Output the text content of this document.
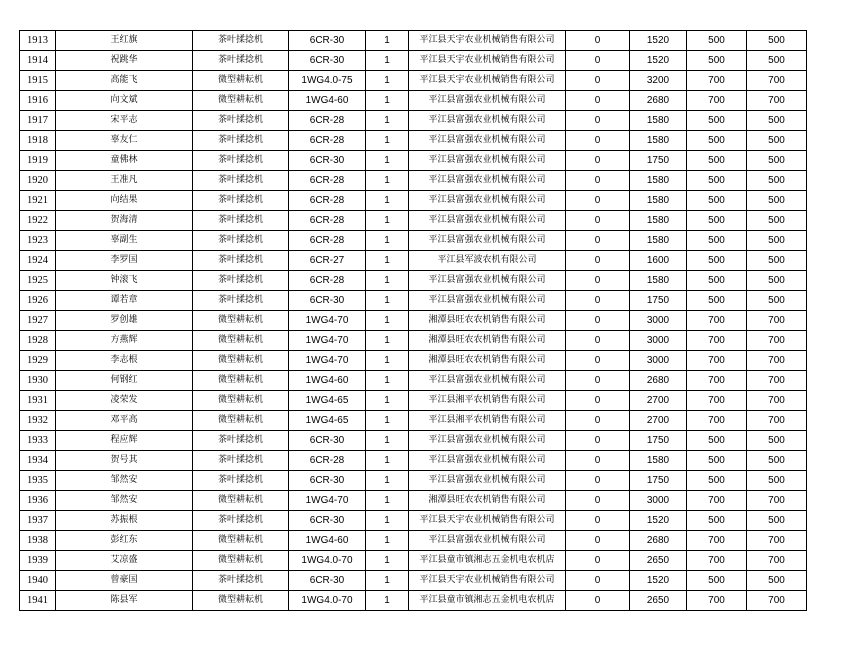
1913	王红旗	茶叶揉捻机	6CR-30	1	平江县天宇农业机械销售有限公司	0	1520	500	500
1914	祝跳华	茶叶揉捻机	6CR-30	1	平江县天宇农业机械销售有限公司	0	1520	500	500
1915	高能飞	微型耕耘机	1WG4.0-75	1	平江县天宇农业机械销售有限公司	0	3200	700	700
1916	向文斌	微型耕耘机	1WG4-60	1	平江县富强农业机械有限公司	0	2680	700	700
1917	宋平志	茶叶揉捻机	6CR-28	1	平江县富强农业机械有限公司	0	1580	500	500
1918	辜友仁	茶叶揉捻机	6CR-28	1	平江县富强农业机械有限公司	0	1580	500	500
1919	童佛林	茶叶揉捻机	6CR-30	1	平江县富强农业机械有限公司	0	1750	500	500
1920	王准凡	茶叶揉捻机	6CR-28	1	平江县富强农业机械有限公司	0	1580	500	500
1921	向结果	茶叶揉捻机	6CR-28	1	平江县富强农业机械有限公司	0	1580	500	500
1922	贺海清	茶叶揉捻机	6CR-28	1	平江县富强农业机械有限公司	0	1580	500	500
1923	辜副生	茶叶揉捻机	6CR-28	1	平江县富强农业机械有限公司	0	1580	500	500
1924	李罗国	茶叶揉捻机	6CR-27	1	平江县军波农机有限公司	0	1600	500	500
1925	钟滚飞	茶叶揉捻机	6CR-28	1	平江县富强农业机械有限公司	0	1580	500	500
1926	谭若章	茶叶揉捻机	6CR-30	1	平江县富强农业机械有限公司	0	1750	500	500
1927	罗创雄	微型耕耘机	1WG4-70	1	湘潭县旺农农机销售有限公司	0	3000	700	700
1928	方燕辉	微型耕耘机	1WG4-70	1	湘潭县旺农农机销售有限公司	0	3000	700	700
1929	李志根	微型耕耘机	1WG4-70	1	湘潭县旺农农机销售有限公司	0	3000	700	700
1930	何钢红	微型耕耘机	1WG4-60	1	平江县富强农业机械有限公司	0	2680	700	700
1931	凌荣发	微型耕耘机	1WG4-65	1	平江县湘平农机销售有限公司	0	2700	700	700
1932	邓平高	微型耕耘机	1WG4-65	1	平江县湘平农机销售有限公司	0	2700	700	700
1933	程应辉	茶叶揉捻机	6CR-30	1	平江县富强农业机械有限公司	0	1750	500	500
1934	贺号其	茶叶揉捻机	6CR-28	1	平江县富强农业机械有限公司	0	1580	500	500
1935	邹然安	茶叶揉捻机	6CR-30	1	平江县富强农业机械有限公司	0	1750	500	500
1936	邹然安	微型耕耘机	1WG4-70	1	湘潭县旺农农机销售有限公司	0	3000	700	700
1937	苏振根	茶叶揉捻机	6CR-30	1	平江县天宇农业机械销售有限公司	0	1520	500	500
1938	彭红东	微型耕耘机	1WG4-60	1	平江县富强农业机械有限公司	0	2680	700	700
1939	艾凉盛	微型耕耘机	1WG4.0-70	1	平江县童市镇湘志五金机电农机店	0	2650	700	700
1940	曾豪国	茶叶揉捻机	6CR-30	1	平江县天宇农业机械销售有限公司	0	1520	500	500
1941	陈县军	微型耕耘机	1WG4.0-70	1	平江县童市镇湘志五金机电农机店	0	2650	700	700
